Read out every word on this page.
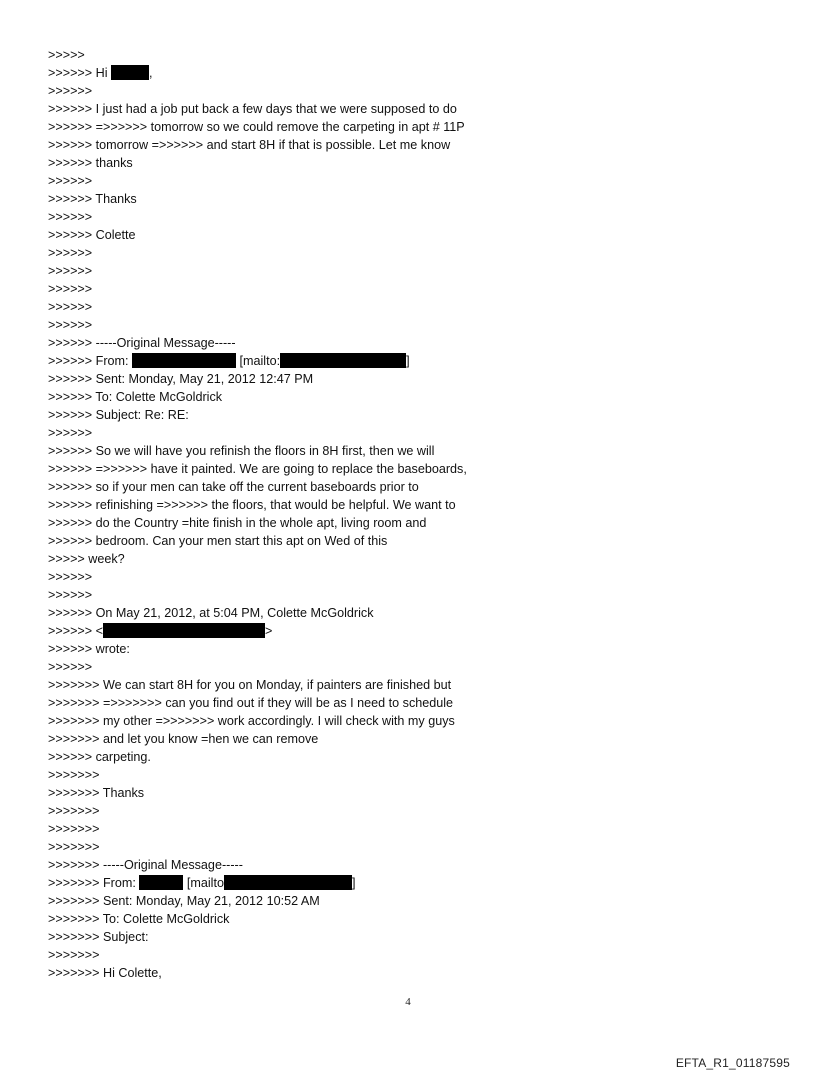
>>>>>
>>>>>> Hi	,
>>>>>>
>>>>>> I just had a job put back a few days that we were supposed to do
>>>>>> =>>>>>> tomorrow so we could remove the carpeting in apt # 11P
>>>>>> tomorrow =>>>>>> and start 8H if that is possible. Let me know
>>>>>> thanks
>>>>>>
>>>>>> Thanks
>>>>>>
>>>>>> Colette
>>>>>>
>>>>>>
>>>>>>
>>>>>>
>>>>>>
>>>>>> -----Original Message-----
>>>>>> From:	[mailto:	]
>>>>>> Sent: Monday, May 21, 2012 12:47 PM
>>>>>> To: Colette McGoldrick
>>>>>> Subject: Re: RE:
>>>>>>
>>>>>> So we will have you refinish the floors in 8H first, then we will
>>>>>> =>>>>>> have it painted. We are going to replace the baseboards,
>>>>>> so if your men can take off the current baseboards prior to
>>>>>> refinishing =>>>>>> the floors, that would be helpful. We want to
>>>>>> do the Country =hite finish in the whole apt, living room and
>>>>>> bedroom. Can your men start this apt on Wed of this
>>>>> week?
>>>>>>
>>>>>>
>>>>>> On May 21, 2012, at 5:04 PM, Colette McGoldrick
>>>>>> <	>
>>>>>> wrote:
>>>>>>
>>>>>>> We can start 8H for you on Monday, if painters are finished but
>>>>>>> =>>>>>>> can you find out if they will be as I need to schedule
>>>>>>> my other =>>>>>>> work accordingly. I will check with my guys
>>>>>>> and let you know =hen we can remove
>>>>>> carpeting.
>>>>>>>
>>>>>>> Thanks
>>>>>>>
>>>>>>>
>>>>>>>
>>>>>>> -----Original Message-----
>>>>>>> From:	[mailto	]
>>>>>>> Sent: Monday, May 21, 2012 10:52 AM
>>>>>>> To: Colette McGoldrick
>>>>>>> Subject:
>>>>>>>
>>>>>>> Hi Colette,
4
EFTA_R1_01187595
